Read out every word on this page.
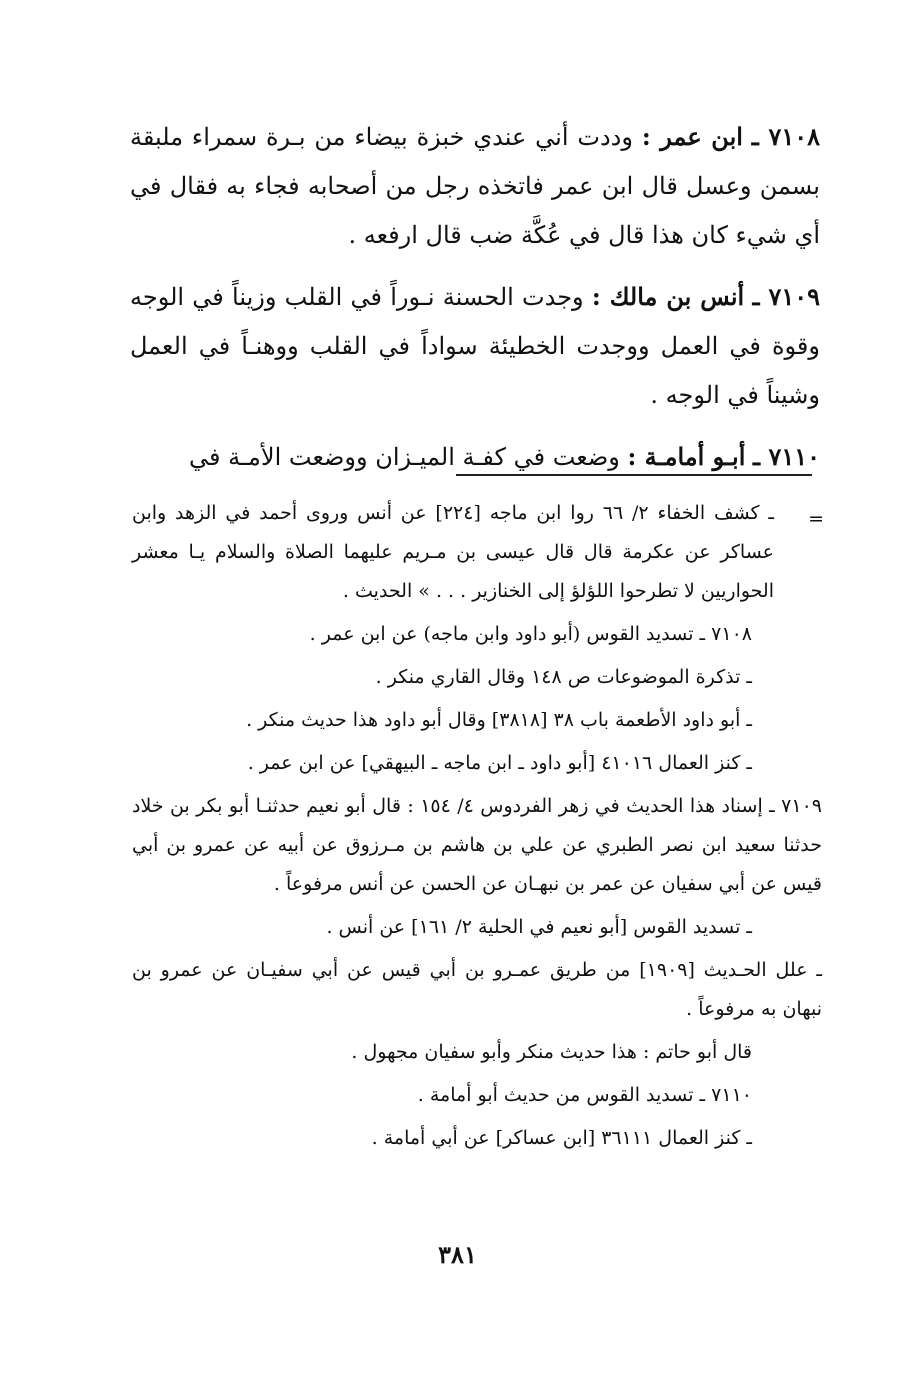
٧١٠٨ ـ ابن عمر : وددت أني عندي خبزة بيضاء من بـرة سمراء ملبقة بسمن وعسل قال ابن عمر فاتخذه رجل من أصحابه فجاء به فقال في أي شيء كان هذا قال في عُكَّة ضب قال ارفعه .

٧١٠٩ ـ أنس بن مالك : وجدت الحسنة نـوراً في القلب وزيناً في الوجه وقوة في العمل ووجدت الخطيئة سواداً في القلب ووهنـاً في العمل وشيناً في الوجه .

٧١١٠ ـ أبـو أمامـة : وضعت في كفـة الميـزان ووضعت الأمـة في

=
ـ كشف الخفاء ٢/ ٦٦ روا ابن ماجه [٢٢٤] عن أنس وروى أحمد في الزهد وابن عساكر عن عكرمة قال قال عيسى بن مـريم عليهما الصلاة والسلام يـا معشر الحواريين لا تطرحوا اللؤلؤ إلى الخنازير . . . » الحديث .

٧١٠٨ ـ تسديد القوس (أبو داود وابن ماجه) عن ابن عمر .

ـ تذكرة الموضوعات ص ١٤٨ وقال القاري منكر .

ـ أبو داود الأطعمة باب ٣٨ [٣٨١٨] وقال أبو داود هذا حديث منكر .

ـ كنز العمال ٤١٠١٦ [أبو داود ـ ابن ماجه ـ البيهقي] عن ابن عمر .

٧١٠٩ ـ إسناد هذا الحديث في زهر الفردوس ٤/ ١٥٤ : قال أبو نعيم حدثنـا أبو بكر بن خلاد حدثنا سعيد ابن نصر الطبري عن علي بن هاشم بن مـرزوق عن أبيه عن عمرو بن أبي قيس عن أبي سفيان عن عمر بن نبهـان عن الحسن عن أنس مرفوعاً .

ـ تسديد القوس [أبو نعيم في الحلية ٢/ ١٦١] عن أنس .

ـ علل الحـديث [١٩٠٩] من طريق عمـرو بن أبي قيس عن أبي سفيـان عن عمرو بن نبهان به مرفوعاً .

قال أبو حاتم : هذا حديث منكر وأبو سفيان مجهول .

٧١١٠ ـ تسديد القوس من حديث أبو أمامة .

ـ كنز العمال ٣٦١١١ [ابن عساكر] عن أبي أمامة .

٣٨١
